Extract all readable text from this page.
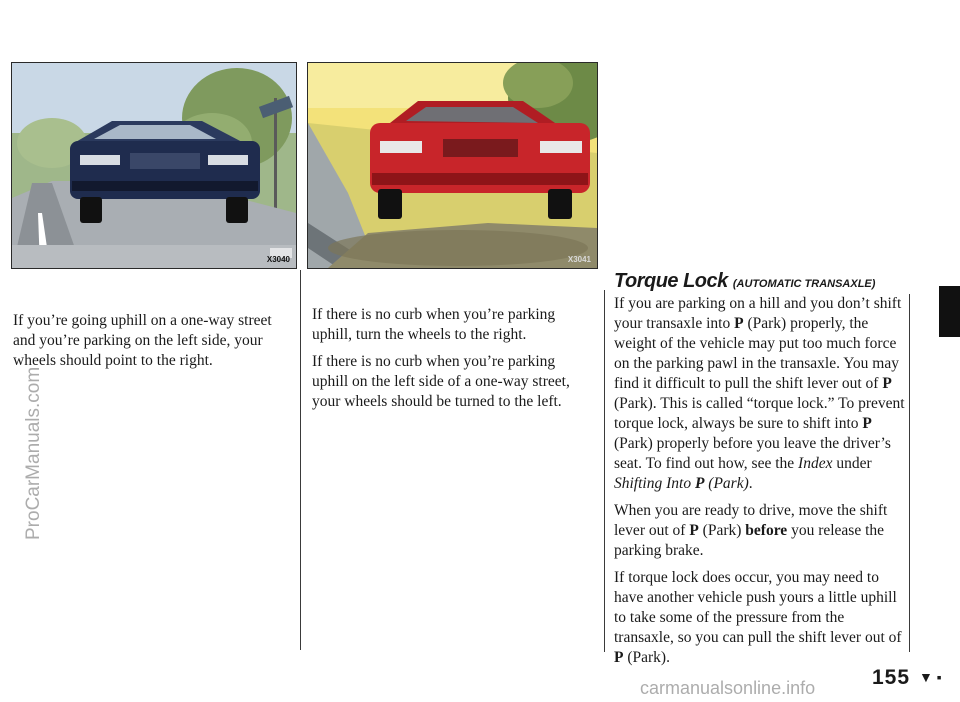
X3040	X3041

If you’re going uphill on a one-way street and you’re parking on the left side, your wheels should point to the right.

If there is no curb when you’re parking uphill, turn the wheels to the right.

If there is no curb when you’re parking uphill on the left side of a one-way street, your wheels should be turned to the left.

Torque Lock (AUTOMATIC TRANSAXLE)

If you are parking on a hill and you don’t shift your transaxle into P (Park) properly, the weight of the vehicle may put too much force on the parking pawl in the transaxle. You may find it difficult to pull the shift lever out of P (Park). This is called “torque lock.” To prevent torque lock, always be sure to shift into P (Park) properly before you leave the driver’s seat. To find out how, see the Index under Shifting Into P (Park).

When you are ready to drive, move the shift lever out of P (Park) before you release the parking brake.

If torque lock does occur, you may need to have another vehicle push yours a little uphill to take some of the pressure from the transaxle, so you can pull the shift lever out of P (Park).

155 ▼ ▪
ProCarManuals.com
carmanualsonline.info
